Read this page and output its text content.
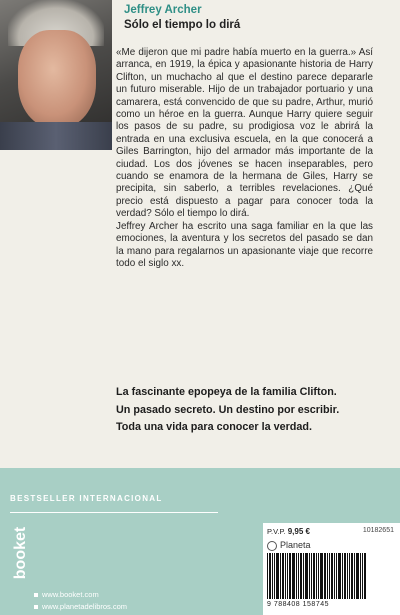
Jeffrey Archer
Sólo el tiempo lo dirá

«Me dijeron que mi padre había muerto en la guerra.» Así arranca, en 1919, la épica y apasionante historia de Harry Clifton, un muchacho al que el destino parece depararle un futuro miserable. Hijo de un trabajador portuario y una camarera, está convencido de que su padre, Arthur, murió como un héroe en la guerra. Aunque Harry quiere seguir los pasos de su padre, su prodigiosa voz le abrirá la entrada en una exclusiva escuela, en la que conocerá a Giles Barrington, hijo del armador más importante de la ciudad. Los dos jóvenes se hacen inseparables, pero cuando se enamora de la hermana de Giles, Harry se precipita, sin saberlo, a terribles revelaciones. ¿Qué precio está dispuesto a pagar para conocer toda la verdad? Sólo el tiempo lo dirá.

Jeffrey Archer ha escrito una saga familiar en la que las emociones, la aventura y los secretos del pasado se dan la mano para regalarnos un apasionante viaje que recorre todo el siglo xx.

La fascinante epopeya de la familia Clifton.
Un pasado secreto. Un destino por escribir.
Toda una vida para conocer la verdad.
BESTSELLER INTERNACIONAL
booket
www.booket.com
www.planetadelibros.com
P.V.P. 9,95 €	10182651
Planeta
9 788408 158745
